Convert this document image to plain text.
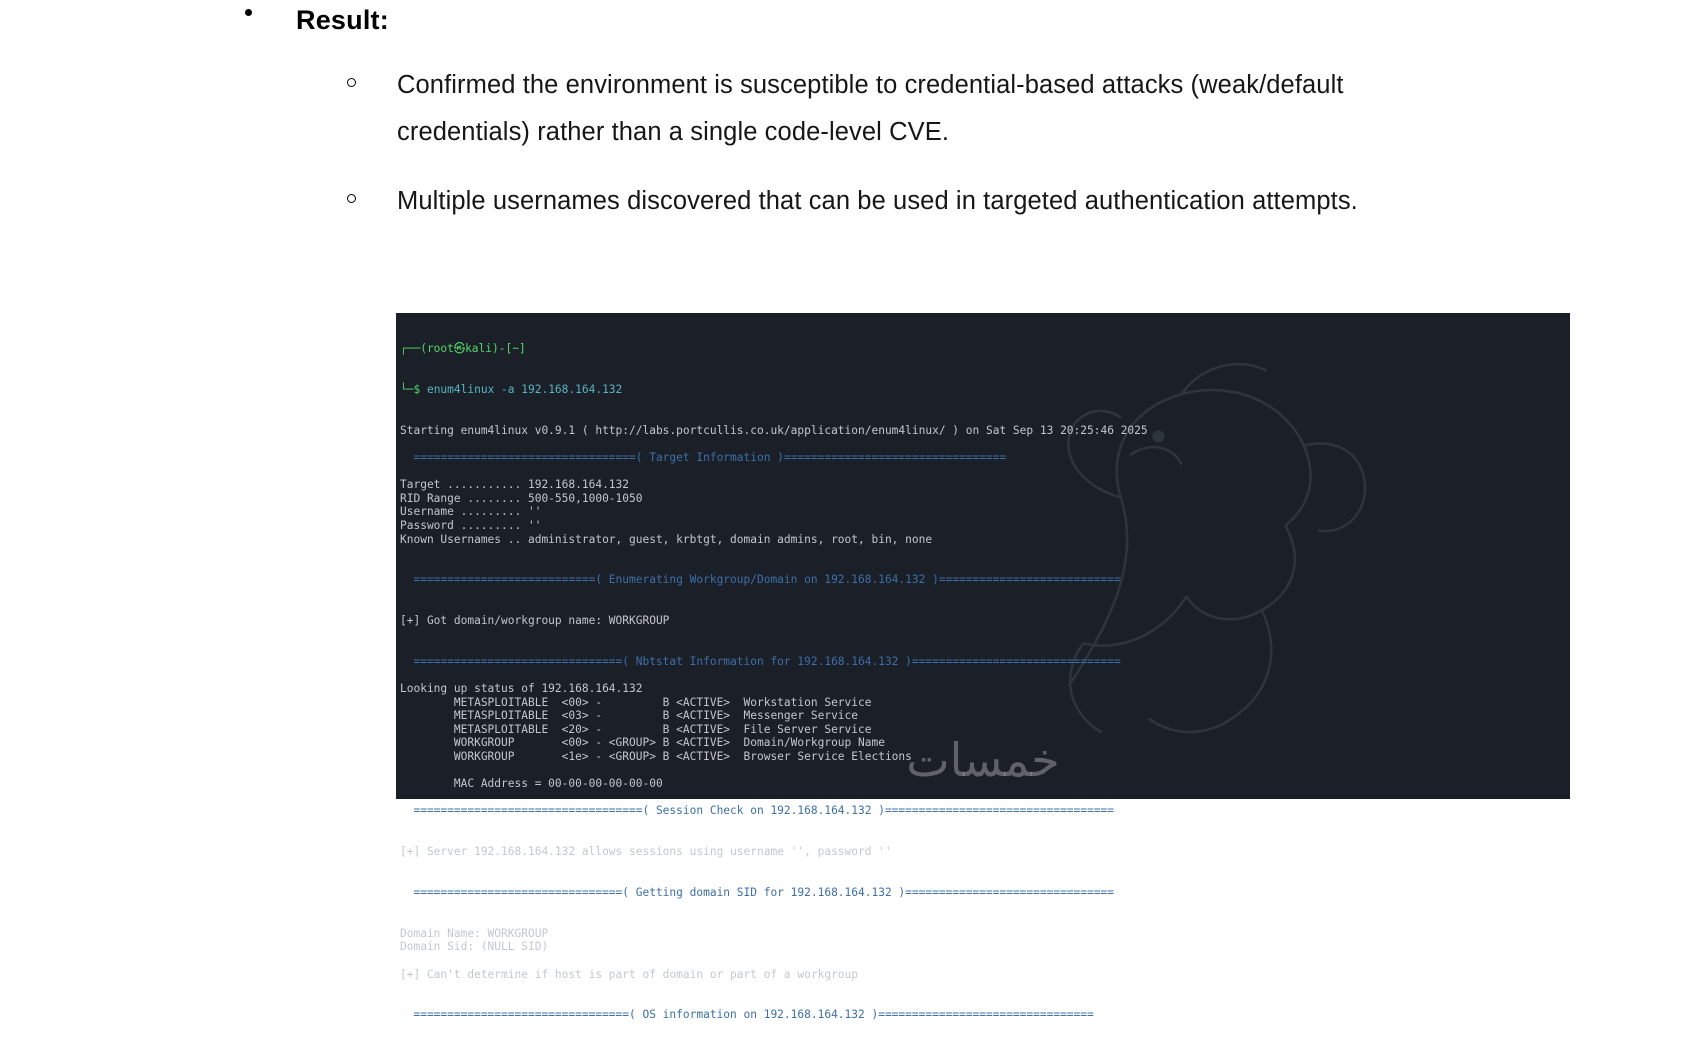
Result:
Confirmed the environment is susceptible to credential-based attacks (weak/default credentials) rather than a single code-level CVE.
Multiple usernames discovered that can be used in targeted authentication attempts.
خمسات

┌──(root㉿kali)-[~]

└─$ enum4linux -a 192.168.164.132

Starting enum4linux v0.9.1 ( http://labs.portcullis.co.uk/application/enum4linux/ ) on Sat Sep 13 20:25:46 2025
=================================( Target Information )=================================
Target ........... 192.168.164.132
RID Range ........ 500-550,1000-1050
Username ......... ''
Password ......... ''
Known Usernames .. administrator, guest, krbtgt, domain admins, root, bin, none
===========================( Enumerating Workgroup/Domain on 192.168.164.132 )===========================
[+] Got domain/workgroup name: WORKGROUP
===============================( Nbtstat Information for 192.168.164.132 )===============================
Looking up status of 192.168.164.132
METASPLOITABLE  <00> -         B <ACTIVE>  Workstation Service
METASPLOITABLE  <03> -         B <ACTIVE>  Messenger Service
METASPLOITABLE  <20> -         B <ACTIVE>  File Server Service
WORKGROUP       <00> - <GROUP> B <ACTIVE>  Domain/Workgroup Name
WORKGROUP       <1e> - <GROUP> B <ACTIVE>  Browser Service Elections
MAC Address = 00-00-00-00-00-00
==================================( Session Check on 192.168.164.132 )==================================
[+] Server 192.168.164.132 allows sessions using username '', password ''
===============================( Getting domain SID for 192.168.164.132 )===============================
Domain Name: WORKGROUP
Domain Sid: (NULL SID)
[+] Can't determine if host is part of domain or part of a workgroup
================================( OS information on 192.168.164.132 )================================
